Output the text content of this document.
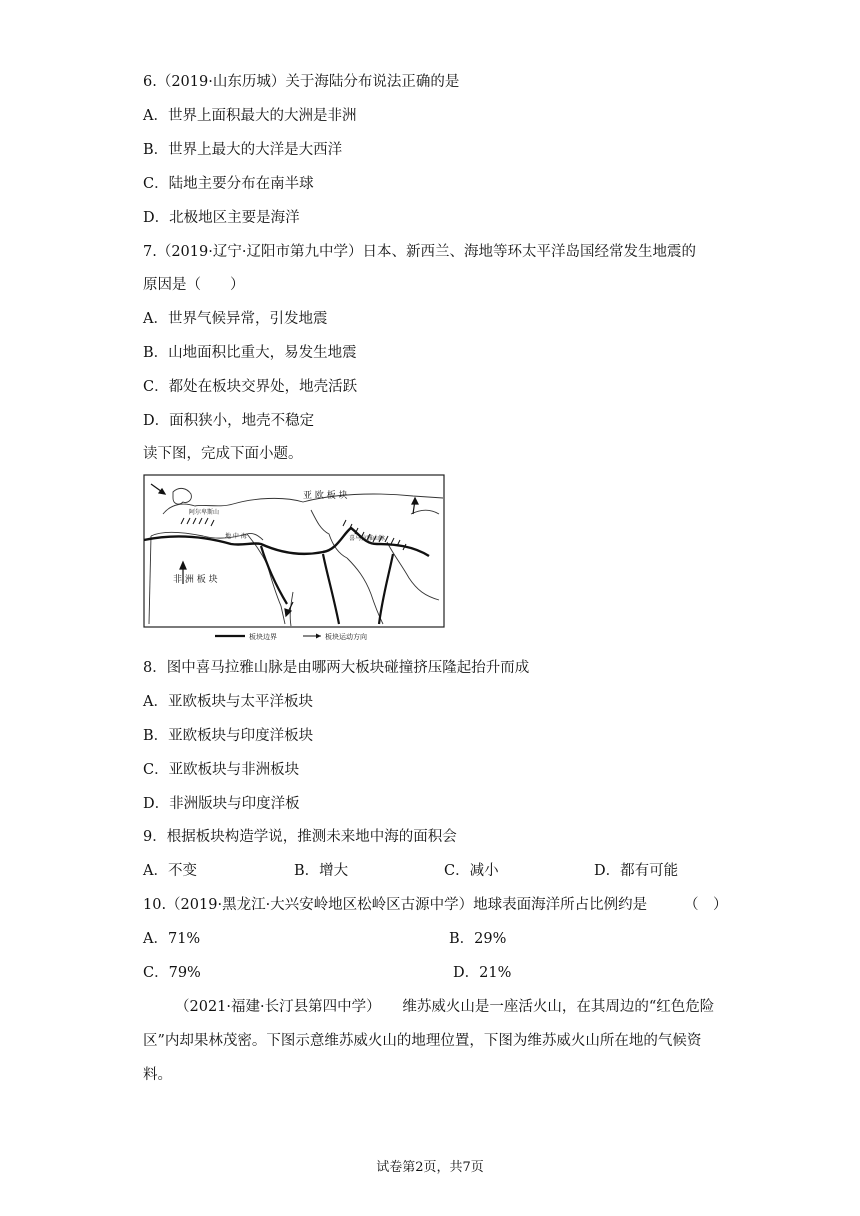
6.（2019·山东历城）关于海陆分布说法正确的是
A．世界上面积最大的大洲是非洲
B．世界上最大的大洋是大西洋
C．陆地主要分布在南半球
D．北极地区主要是海洋
7.（2019·辽宁·辽阳市第九中学）日本、新西兰、海地等环太平洋岛国经常发生地震的
原因是（　　）
A．世界气候异常，引发地震
B．山地面积比重大，易发生地震
C．都处在板块交界处，地壳活跃
D．面积狭小，地壳不稳定
读下图，完成下面小题。
亚 欧 板 块
非 洲 板 块
阿尔卑斯山
地 中 海	喜马拉雅山脉
板块边界	板块运动方向
8．图中喜马拉雅山脉是由哪两大板块碰撞挤压隆起抬升而成
A．亚欧板块与太平洋板块
B．亚欧板块与印度洋板块
C．亚欧板块与非洲板块
D．非洲版块与印度洋板
9．根据板块构造学说，推测未来地中海的面积会
A．不变	B．增大	C．减小	D．都有可能
10.（2019·黑龙江·大兴安岭地区松岭区古源中学）地球表面海洋所占比例约是	（　）
A．71%	B．29%
C．79%	D．21%
（2021·福建·长汀县第四中学）　　维苏威火山是一座活火山，在其周边的“红色危险区”内却果林茂密。下图示意维苏威火山的地理位置，下图为维苏威火山所在地的气候资料。
试卷第2页，共7页
